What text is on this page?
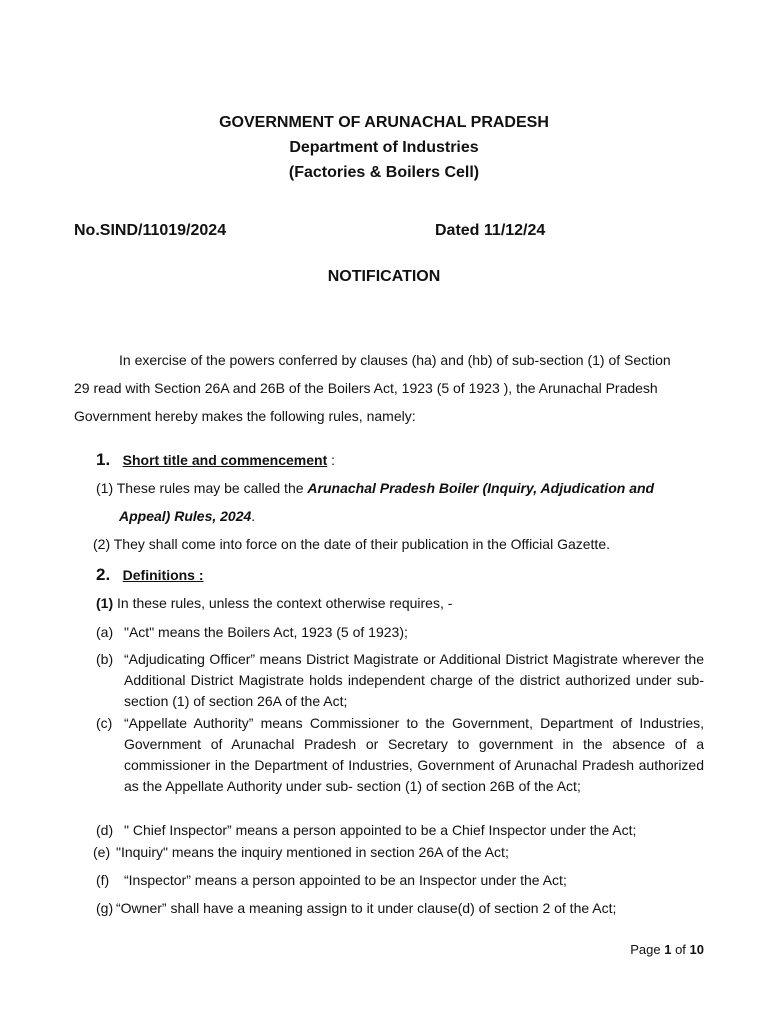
GOVERNMENT OF ARUNACHAL PRADESH
Department of Industries
(Factories & Boilers Cell)
No.SIND/11019/2024	Dated 11/12/24
NOTIFICATION
In exercise of the powers conferred by clauses (ha) and (hb) of sub-section (1) of Section
29 read with Section 26A and 26B of the Boilers Act, 1923 (5 of 1923 ), the Arunachal Pradesh
Government hereby makes the following rules, namely:
1. Short title and commencement :
(1) These rules may be called the Arunachal Pradesh Boiler (Inquiry, Adjudication and
Appeal) Rules, 2024.
(2) They shall come into force on the date of their publication in the Official Gazette.
2. Definitions :
(1) In these rules, unless the context otherwise requires, -
(a) "Act" means the Boilers Act, 1923 (5 of 1923);
(b) “Adjudicating Officer” means District Magistrate or Additional District Magistrate wherever the Additional District Magistrate holds independent charge of the district authorized under sub- section (1) of section 26A of the Act;
(c) “Appellate Authority” means Commissioner to the Government, Department of Industries, Government of Arunachal Pradesh or Secretary to government in the absence of a commissioner in the Department of Industries, Government of Arunachal Pradesh authorized as the Appellate Authority under sub- section (1) of section 26B of the Act;
(d) " Chief Inspector” means a person appointed to be a Chief Inspector under the Act;
(e) "Inquiry" means the inquiry mentioned in section 26A of the Act;
(f) “Inspector” means a person appointed to be an Inspector under the Act;
(g) “Owner” shall have a meaning assign to it under clause(d) of section 2 of the Act;
Page 1 of 10
